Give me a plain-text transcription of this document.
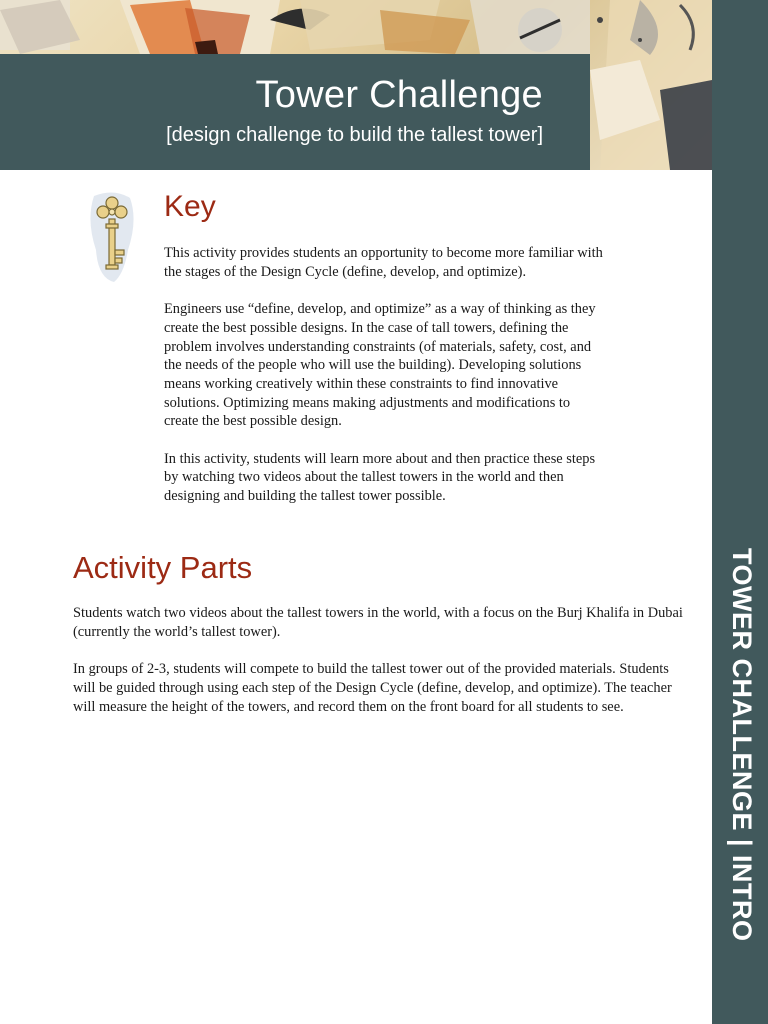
Tower Challenge
[design challenge to build the tallest tower]
TOWER CHALLENGE | INTRO
Key

This activity provides students an opportunity to become more familiar with the stages of the Design Cycle (define, develop, and optimize).

Engineers use “define, develop, and optimize” as a way of thinking as they create the best possible designs. In the case of tall towers, defining the problem involves understanding constraints (of materials, safety, cost, and the needs of the people who will use the building). Developing solutions means working creatively within these constraints to find innovative solutions. Optimizing means making adjustments and modifications to create the best possible design.

In this activity, students will learn more about and then practice these steps by watching two videos about the tallest towers in the world and then designing and building the tallest tower possible.

Activity Parts

Students watch two videos about the tallest towers in the world, with a focus on the Burj Khalifa in Dubai (currently the world’s tallest tower).

In groups of 2-3, students will compete to build the tallest tower out of the provided materials. Students will be guided through using each step of the Design Cycle (define, develop, and optimize). The teacher will measure the height of the towers, and record them on the front board for all students to see.
